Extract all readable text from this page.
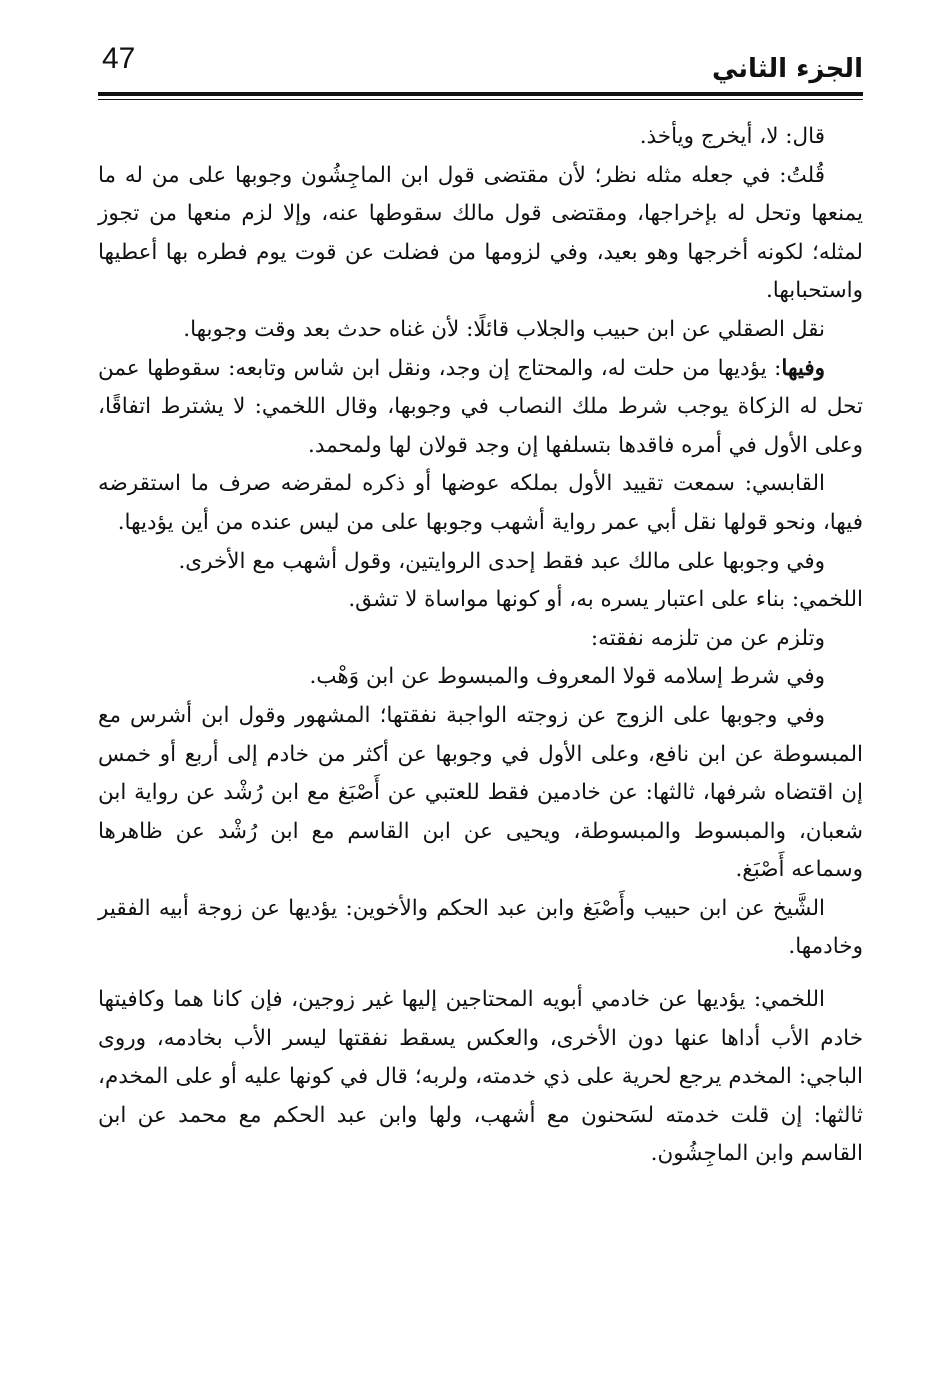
47	الجزء الثاني

قال: لا، أيخرج ويأخذ.

قُلتُ: في جعله مثله نظر؛ لأن مقتضى قول ابن الماجِشُون وجوبها على من له ما يمنعها وتحل له بإخراجها، ومقتضى قول مالك سقوطها عنه، وإلا لزم منعها من تجوز لمثله؛ لكونه أخرجها وهو بعيد، وفي لزومها من فضلت عن قوت يوم فطره بها أعطيها واستحبابها.

نقل الصقلي عن ابن حبيب والجلاب قائلًا: لأن غناه حدث بعد وقت وجوبها.

وفيها: يؤديها من حلت له، والمحتاج إن وجد، ونقل ابن شاس وتابعه: سقوطها عمن تحل له الزكاة يوجب شرط ملك النصاب في وجوبها، وقال اللخمي: لا يشترط اتفاقًا، وعلى الأول في أمره فاقدها بتسلفها إن وجد قولان لها ولمحمد.

القابسي: سمعت تقييد الأول بملكه عوضها أو ذكره لمقرضه صرف ما استقرضه فيها، ونحو قولها نقل أبي عمر رواية أشهب وجوبها على من ليس عنده من أين يؤديها.

وفي وجوبها على مالك عبد فقط إحدى الروايتين، وقول أشهب مع الأخرى.

اللخمي: بناء على اعتبار يسره به، أو كونها مواساة لا تشق.

وتلزم عن من تلزمه نفقته:

وفي شرط إسلامه قولا المعروف والمبسوط عن ابن وَهْب.

وفي وجوبها على الزوج عن زوجته الواجبة نفقتها؛ المشهور وقول ابن أشرس مع المبسوطة عن ابن نافع، وعلى الأول في وجوبها عن أكثر من خادم إلى أربع أو خمس إن اقتضاه شرفها، ثالثها: عن خادمين فقط للعتبي عن أَصْبَغ مع ابن رُشْد عن رواية ابن شعبان، والمبسوط والمبسوطة، ويحيى عن ابن القاسم مع ابن رُشْد عن ظاهرها وسماعه أَصْبَغ.

الشَّيخ عن ابن حبيب وأَصْبَغ وابن عبد الحكم والأخوين: يؤديها عن زوجة أبيه الفقير وخادمها.

اللخمي: يؤديها عن خادمي أبويه المحتاجين إليها غير زوجين، فإن كانا هما وكافيتها خادم الأب أداها عنها دون الأخرى، والعكس يسقط نفقتها ليسر الأب بخادمه، وروى الباجي: المخدم يرجع لحرية على ذي خدمته، ولربه؛ قال في كونها عليه أو على المخدم، ثالثها: إن قلت خدمته لسَحنون مع أشهب، ولها وابن عبد الحكم مع محمد عن ابن القاسم وابن الماجِشُون.
